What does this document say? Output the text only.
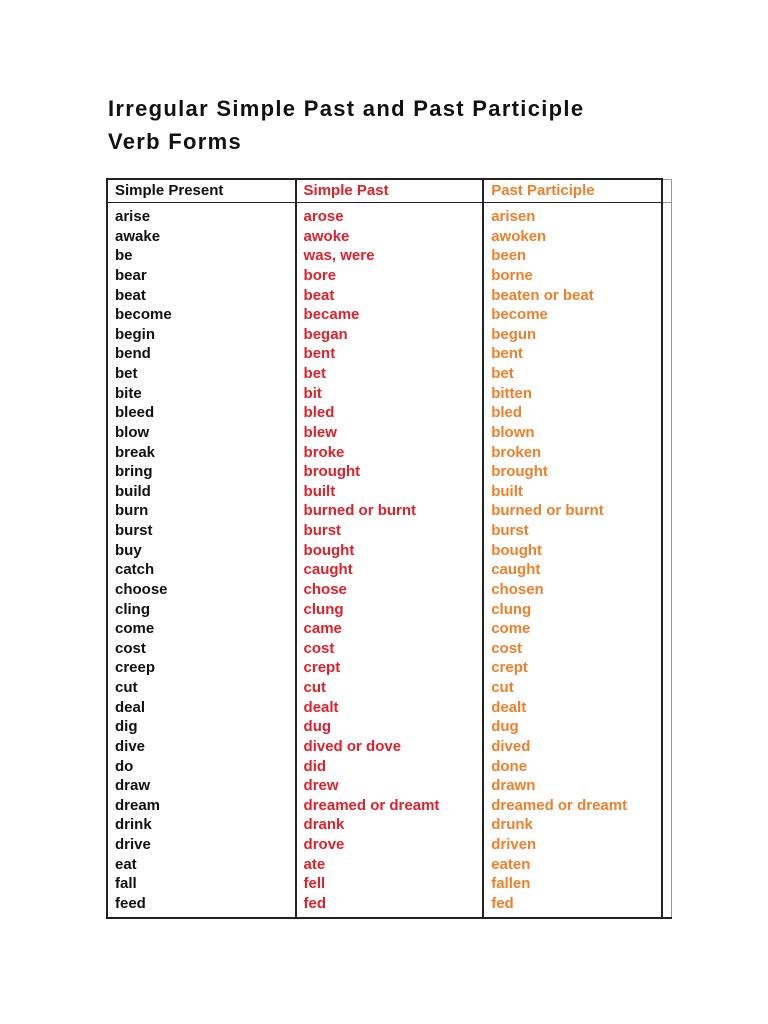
Irregular Simple Past and Past Participle
Verb Forms
Simple Present	Simple Past	Past Participle	
arise	arose	arisen	
awake	awoke	awoken	
be	was, were	been	
bear	bore	borne	
beat	beat	beaten or beat	
become	became	become	
begin	began	begun	
bend	bent	bent	
bet	bet	bet	
bite	bit	bitten	
bleed	bled	bled	
blow	blew	blown	
break	broke	broken	
bring	brought	brought	
build	built	built	
burn	burned or burnt	burned or burnt	
burst	burst	burst	
buy	bought	bought	
catch	caught	caught	
choose	chose	chosen	
cling	clung	clung	
come	came	come	
cost	cost	cost	
creep	crept	crept	
cut	cut	cut	
deal	dealt	dealt	
dig	dug	dug	
dive	dived or dove	dived	
do	did	done	
draw	drew	drawn	
dream	dreamed or dreamt	dreamed or dreamt	
drink	drank	drunk	
drive	drove	driven	
eat	ate	eaten	
fall	fell	fallen	
feed	fed	fed	
